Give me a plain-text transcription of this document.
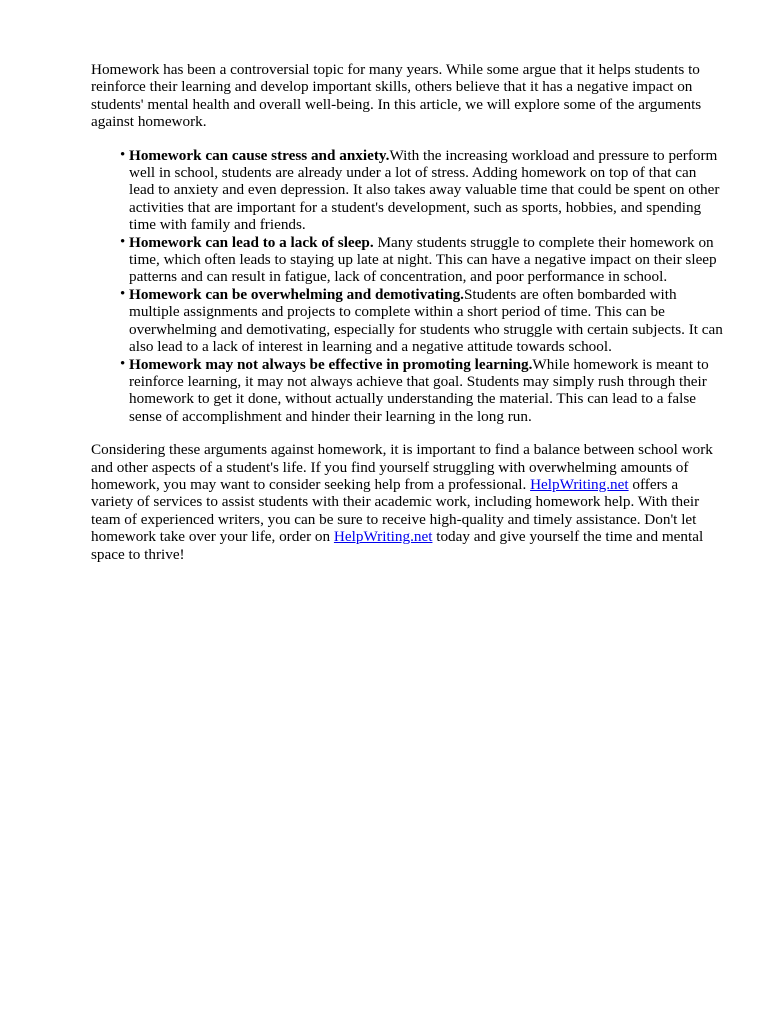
Homework has been a controversial topic for many years. While some argue that it helps students to reinforce their learning and develop important skills, others believe that it has a negative impact on students' mental health and overall well-being. In this article, we will explore some of the arguments against homework.

• Homework can cause stress and anxiety.With the increasing workload and pressure to perform well in school, students are already under a lot of stress. Adding homework on top of that can lead to anxiety and even depression. It also takes away valuable time that could be spent on other activities that are important for a student's development, such as sports, hobbies, and spending time with family and friends.
• Homework can lead to a lack of sleep. Many students struggle to complete their homework on time, which often leads to staying up late at night. This can have a negative impact on their sleep patterns and can result in fatigue, lack of concentration, and poor performance in school.
• Homework can be overwhelming and demotivating.Students are often bombarded with multiple assignments and projects to complete within a short period of time. This can be overwhelming and demotivating, especially for students who struggle with certain subjects. It can also lead to a lack of interest in learning and a negative attitude towards school.
• Homework may not always be effective in promoting learning.While homework is meant to reinforce learning, it may not always achieve that goal. Students may simply rush through their homework to get it done, without actually understanding the material. This can lead to a false sense of accomplishment and hinder their learning in the long run.

Considering these arguments against homework, it is important to find a balance between school work and other aspects of a student's life. If you find yourself struggling with overwhelming amounts of homework, you may want to consider seeking help from a professional. HelpWriting.net offers a variety of services to assist students with their academic work, including homework help. With their team of experienced writers, you can be sure to receive high-quality and timely assistance. Don't let homework take over your life, order on HelpWriting.net today and give yourself the time and mental space to thrive!
